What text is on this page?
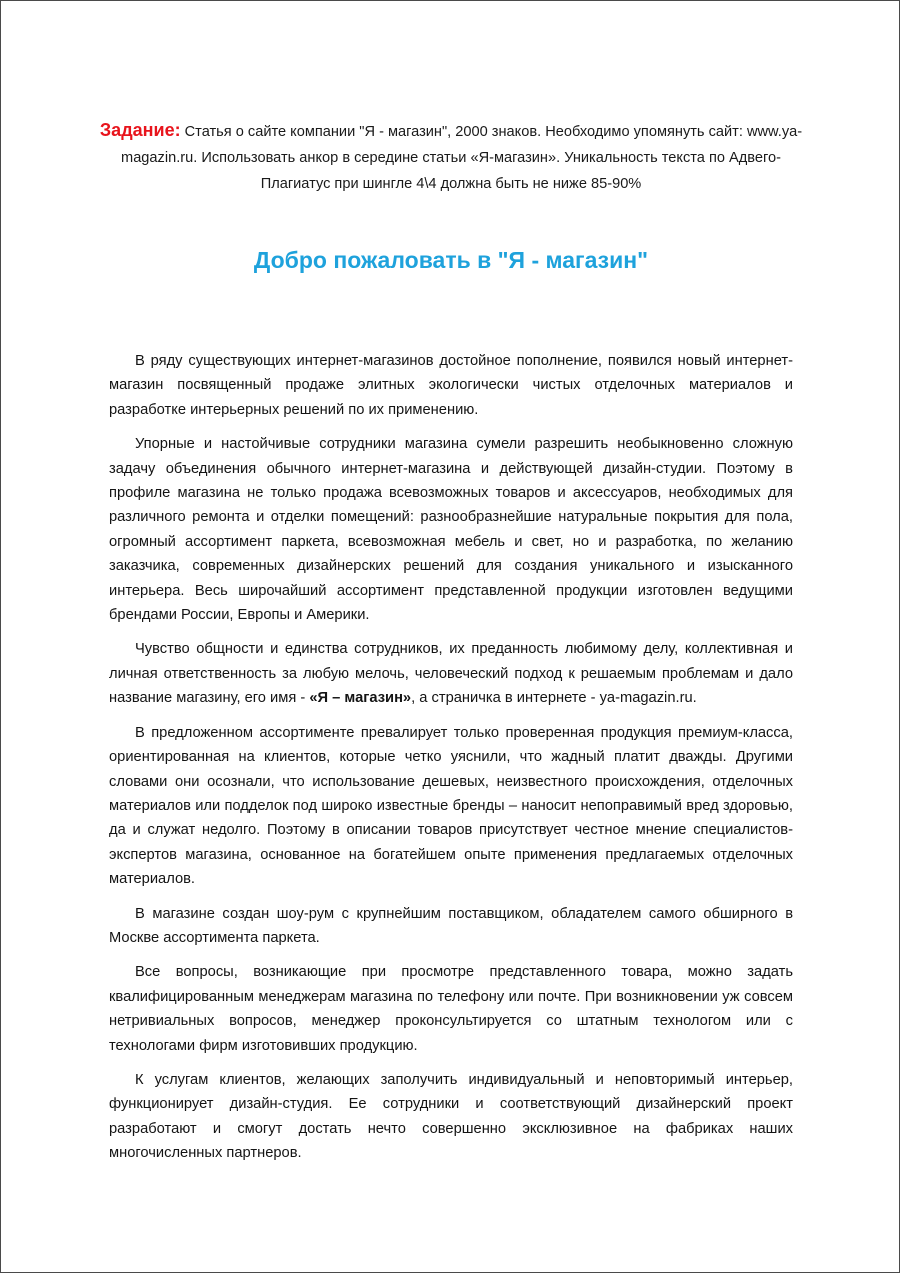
Задание: Статья о сайте компании "Я - магазин", 2000 знаков. Необходимо упомянуть сайт: www.ya-magazin.ru. Использовать анкор в середине статьи «Я-магазин». Уникальность текста по Адвего-Плагиатус при шингле 4\4 должна быть не ниже 85-90%
Добро пожаловать в "Я - магазин"

В ряду существующих интернет-магазинов достойное пополнение, появился новый интернет-магазин посвященный продаже элитных экологически чистых отделочных материалов и разработке интерьерных решений по их применению.

Упорные и настойчивые сотрудники магазина сумели разрешить необыкновенно сложную задачу объединения обычного интернет-магазина и действующей дизайн-студии. Поэтому в профиле магазина не только продажа всевозможных товаров и аксессуаров, необходимых для различного ремонта и отделки помещений: разнообразнейшие натуральные покрытия для пола, огромный ассортимент паркета, всевозможная мебель и свет, но и разработка, по желанию заказчика, современных дизайнерских решений для создания уникального и изысканного интерьера. Весь широчайший ассортимент представленной продукции изготовлен ведущими брендами России, Европы и Америки.

Чувство общности и единства сотрудников, их преданность любимому делу, коллективная и личная ответственность за любую мелочь, человеческий подход к решаемым проблемам и дало название магазину, его имя - «Я – магазин», а страничка в интернете - ya-magazin.ru.

В предложенном ассортименте превалирует только проверенная продукция премиум-класса, ориентированная на клиентов, которые четко уяснили, что жадный платит дважды. Другими словами они осознали, что использование дешевых, неизвестного происхождения, отделочных материалов или подделок под широко известные бренды – наносит непоправимый вред здоровью, да и служат недолго. Поэтому в описании товаров присутствует честное мнение специалистов-экспертов магазина, основанное на богатейшем опыте применения предлагаемых отделочных материалов.

В магазине создан шоу-рум с крупнейшим поставщиком, обладателем самого обширного в Москве ассортимента паркета.

Все вопросы, возникающие при просмотре представленного товара, можно задать квалифицированным менеджерам магазина по телефону или почте. При возникновении уж совсем нетривиальных вопросов, менеджер проконсультируется со штатным технологом или с технологами фирм изготовивших продукцию.

К услугам клиентов, желающих заполучить индивидуальный и неповторимый интерьер, функционирует дизайн-студия. Ее сотрудники и соответствующий дизайнерский проект разработают и смогут достать нечто совершенно эксклюзивное на фабриках наших многочисленных партнеров.
